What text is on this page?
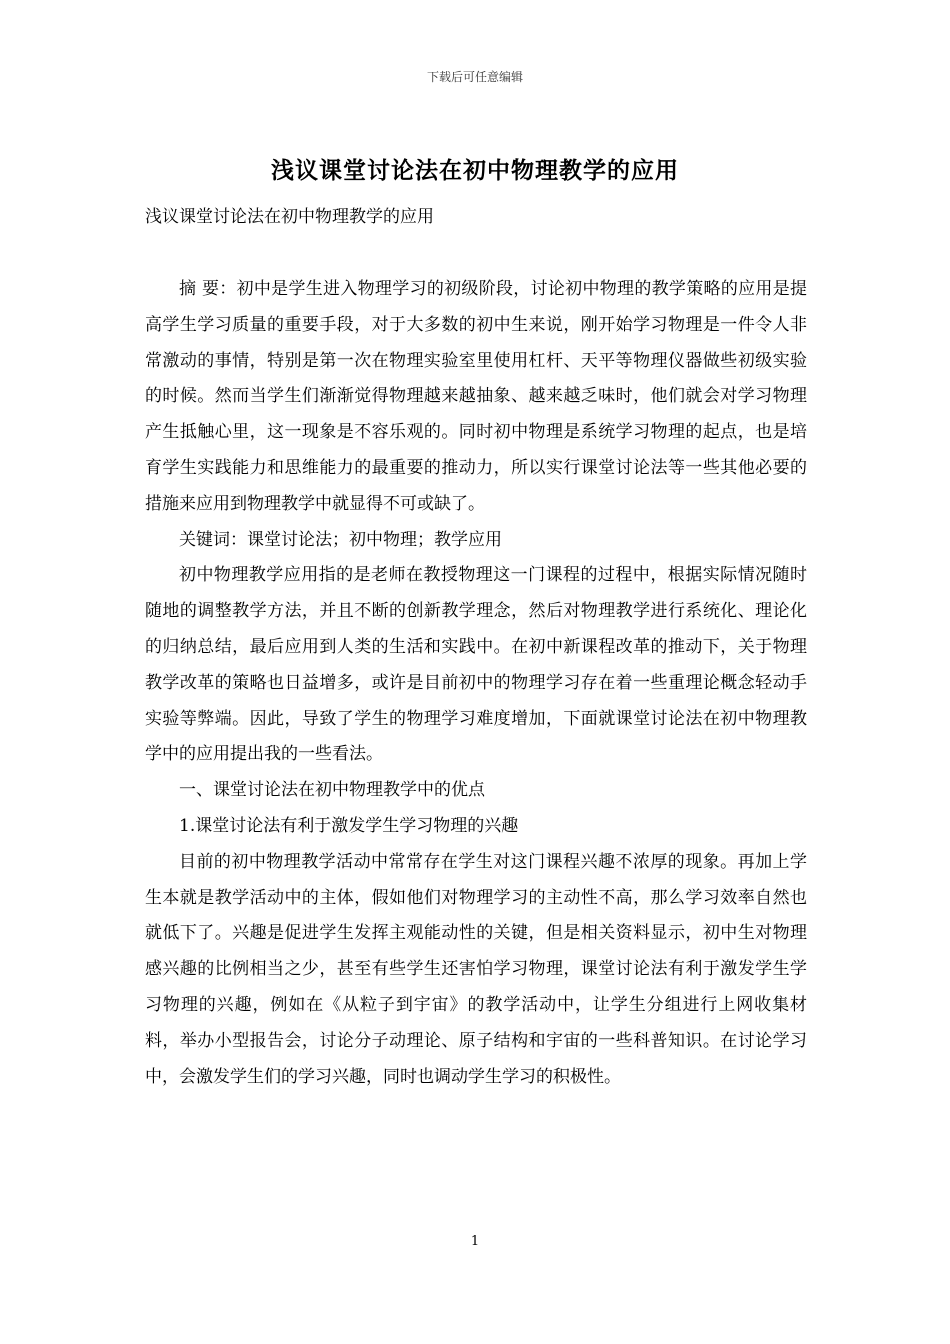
下载后可任意编辑
浅议课堂讨论法在初中物理教学的应用
浅议课堂讨论法在初中物理教学的应用

摘 要：初中是学生进入物理学习的初级阶段，讨论初中物理的教学策略的应用是提高学生学习质量的重要手段，对于大多数的初中生来说，刚开始学习物理是一件令人非常激动的事情，特别是第一次在物理实验室里使用杠杆、天平等物理仪器做些初级实验的时候。然而当学生们渐渐觉得物理越来越抽象、越来越乏味时，他们就会对学习物理产生抵触心里，这一现象是不容乐观的。同时初中物理是系统学习物理的起点，也是培育学生实践能力和思维能力的最重要的推动力，所以实行课堂讨论法等一些其他必要的措施来应用到物理教学中就显得不可或缺了。

关键词：课堂讨论法；初中物理；教学应用

初中物理教学应用指的是老师在教授物理这一门课程的过程中，根据实际情况随时随地的调整教学方法，并且不断的创新教学理念，然后对物理教学进行系统化、理论化的归纳总结，最后应用到人类的生活和实践中。在初中新课程改革的推动下，关于物理教学改革的策略也日益增多，或许是目前初中的物理学习存在着一些重理论概念轻动手实验等弊端。因此，导致了学生的物理学习难度增加，下面就课堂讨论法在初中物理教学中的应用提出我的一些看法。

一、课堂讨论法在初中物理教学中的优点

1.课堂讨论法有利于激发学生学习物理的兴趣

目前的初中物理教学活动中常常存在学生对这门课程兴趣不浓厚的现象。再加上学生本就是教学活动中的主体，假如他们对物理学习的主动性不高，那么学习效率自然也就低下了。兴趣是促进学生发挥主观能动性的关键，但是相关资料显示，初中生对物理感兴趣的比例相当之少，甚至有些学生还害怕学习物理，课堂讨论法有利于激发学生学习物理的兴趣，例如在《从粒子到宇宙》的教学活动中，让学生分组进行上网收集材料，举办小型报告会，讨论分子动理论、原子结构和宇宙的一些科普知识。在讨论学习中，会激发学生们的学习兴趣，同时也调动学生学习的积极性。

1
